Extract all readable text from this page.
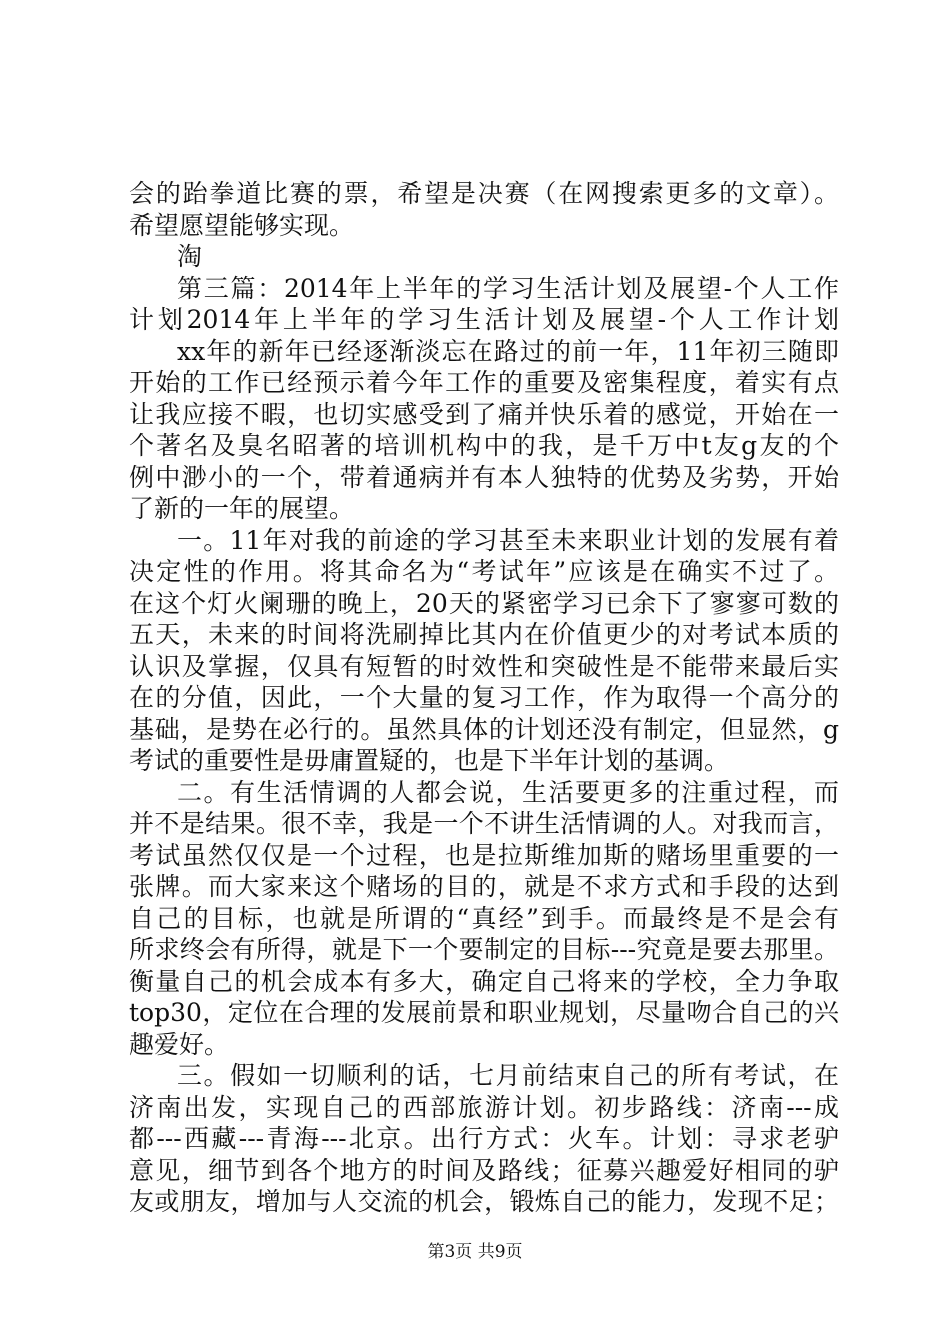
会的跆拳道比赛的票，希望是决赛（在网搜索更多的文章）。
希望愿望能够实现。
淘
第三篇：2014年上半年的学习生活计划及展望-个人工作
计划2014年上半年的学习生活计划及展望-个人工作计划
xx年的新年已经逐渐淡忘在路过的前一年，11年初三随即
开始的工作已经预示着今年工作的重要及密集程度，着实有点
让我应接不暇，也切实感受到了痛并快乐着的感觉，开始在一
个著名及臭名昭著的培训机构中的我，是千万中t友g友的个
例中渺小的一个，带着通病并有本人独特的优势及劣势，开始
了新的一年的展望。
一。11年对我的前途的学习甚至未来职业计划的发展有着
决定性的作用。将其命名为“考试年”应该是在确实不过了。
在这个灯火阑珊的晚上，20天的紧密学习已余下了寥寥可数的
五天，未来的时间将洗刷掉比其内在价值更少的对考试本质的
认识及掌握，仅具有短暂的时效性和突破性是不能带来最后实
在的分值，因此，一个大量的复习工作，作为取得一个高分的
基础，是势在必行的。虽然具体的计划还没有制定，但显然，g
考试的重要性是毋庸置疑的，也是下半年计划的基调。
二。有生活情调的人都会说，生活要更多的注重过程，而
并不是结果。很不幸，我是一个不讲生活情调的人。对我而言，
考试虽然仅仅是一个过程，也是拉斯维加斯的赌场里重要的一
张牌。而大家来这个赌场的目的，就是不求方式和手段的达到
自己的目标，也就是所谓的“真经”到手。而最终是不是会有
所求终会有所得，就是下一个要制定的目标---究竟是要去那里。
衡量自己的机会成本有多大，确定自己将来的学校，全力争取
top30，定位在合理的发展前景和职业规划，尽量吻合自己的兴
趣爱好。
三。假如一切顺利的话，七月前结束自己的所有考试，在
济南出发，实现自己的西部旅游计划。初步路线：济南---成
都---西藏---青海---北京。出行方式：火车。计划：寻求老驴
意见，细节到各个地方的时间及路线；征募兴趣爱好相同的驴
友或朋友，增加与人交流的机会，锻炼自己的能力，发现不足；
第3页 共9页
